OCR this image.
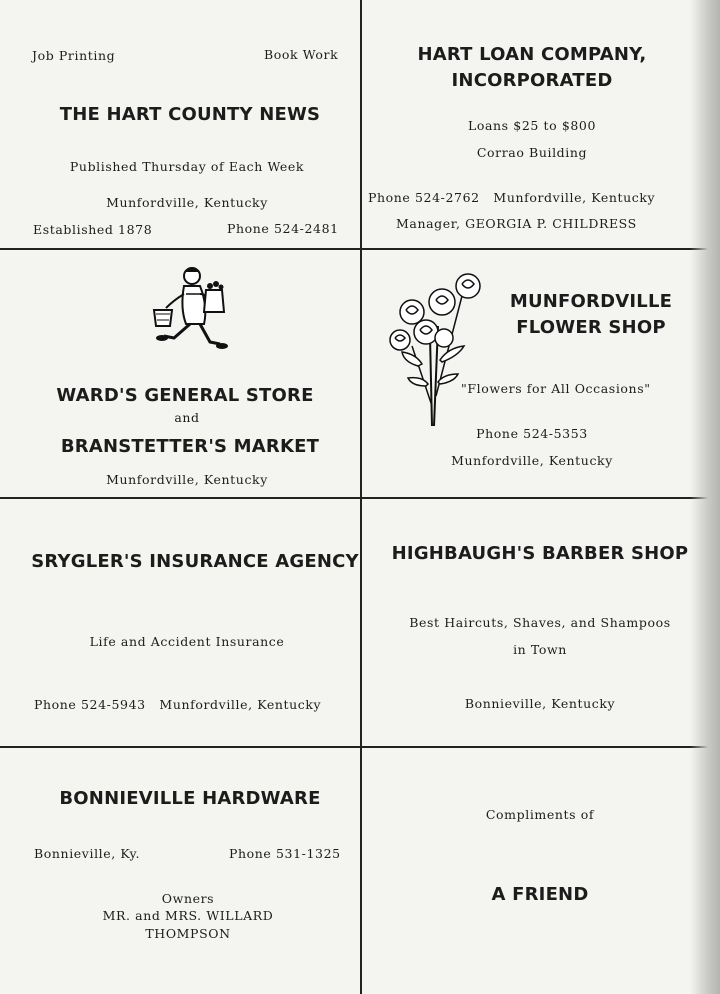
Job Printing	Book Work
THE HART COUNTY NEWS
Published Thursday of Each Week
Munfordville, Kentucky
Established 1878	Phone 524-2481
HART LOAN COMPANY,
INCORPORATED
Loans $25 to $800
Corrao Building
Phone 524-2762   Munfordville, Kentucky
Manager, GEORGIA P. CHILDRESS
WARD'S GENERAL STORE
and
BRANSTETTER'S MARKET
Munfordville, Kentucky
MUNFORDVILLE
FLOWER SHOP
"Flowers for All Occasions"
Phone 524-5353
Munfordville, Kentucky
SRYGLER'S INSURANCE AGENCY
Life and Accident Insurance
Phone 524-5943   Munfordville, Kentucky
HIGHBAUGH'S BARBER SHOP
Best Haircuts, Shaves, and Shampoos
in Town
Bonnieville, Kentucky
BONNIEVILLE HARDWARE
Bonnieville, Ky.	Phone 531-1325
Owners
MR. and MRS. WILLARD
THOMPSON
Compliments of
A FRIEND
